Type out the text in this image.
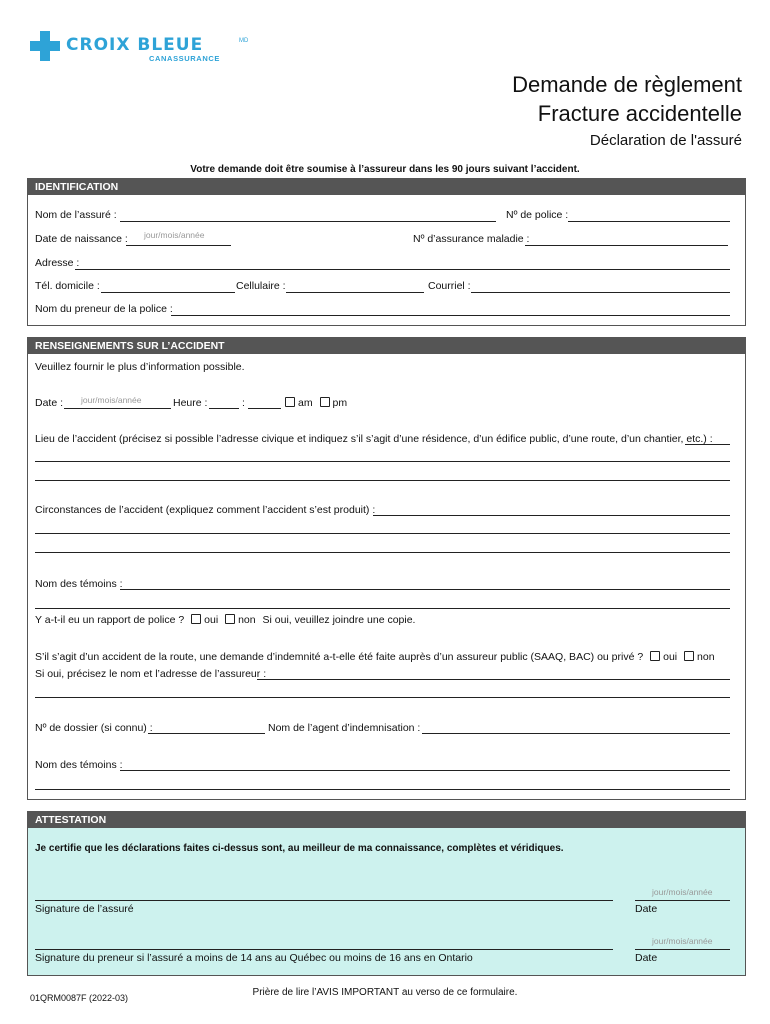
CROIX BLEUE	MD
CANASSURANCE
Demande de règlement
Fracture accidentelle
Déclaration de l'assuré
Votre demande doit être soumise à l’assureur dans les 90 jours suivant l’accident.
IDENTIFICATION
Nom de l’assuré :	Nº de police :
Date de naissance : jour/mois/année	Nº d’assurance maladie :
Adresse :
Tél. domicile :	Cellulaire :	Courriel :
Nom du preneur de la police :
RENSEIGNEMENTS SUR L’ACCIDENT
Veuillez fournir le plus d’information possible.
Date : jour/mois/année	Heure :	:	am pm
Lieu de l’accident (précisez si possible l’adresse civique et indiquez s’il s’agit d’une résidence, d’un édifice public, d’une route, d’un chantier, etc.) :
Circonstances de l’accident (expliquez comment l’accident s’est produit) :
Nom des témoins :
Y a-t-il eu un rapport de police ? oui non Si oui, veuillez joindre une copie.
S’il s’agit d’un accident de la route, une demande d’indemnité a-t-elle été faite auprès d’un assureur public (SAAQ, BAC) ou privé ? oui non
Si oui, précisez le nom et l’adresse de l’assureur :
Nº de dossier (si connu) :	Nom de l’agent d’indemnisation :
Nom des témoins :
ATTESTATION
Je certifie que les déclarations faites ci-dessus sont, au meilleur de ma connaissance, complètes et véridiques.
Signature de l’assuré
jour/mois/année
Date
Signature du preneur si l’assuré a moins de 14 ans au Québec ou moins de 16 ans en Ontario
jour/mois/année
Date
01QRM0087F (2022-03)	Prière de lire l’AVIS IMPORTANT au verso de ce formulaire.
